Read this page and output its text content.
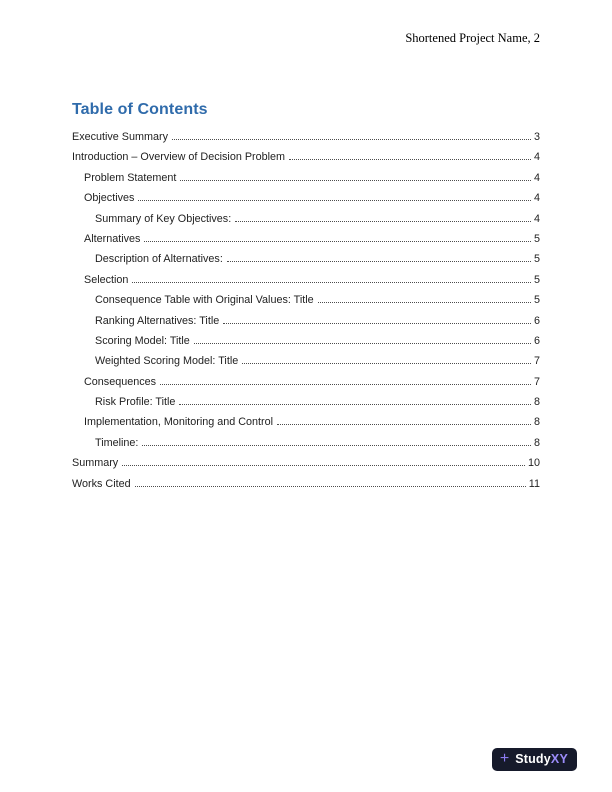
Shortened Project Name, 2
Table of Contents
Executive Summary	3
Introduction – Overview of Decision Problem	4
Problem Statement	4
Objectives	4
Summary of Key Objectives:	4
Alternatives	5
Description of Alternatives:	5
Selection	5
Consequence Table with Original Values: Title	5
Ranking Alternatives: Title	6
Scoring Model: Title	6
Weighted Scoring Model: Title	7
Consequences	7
Risk Profile: Title	8
Implementation, Monitoring and Control	8
Timeline:	8
Summary	10
Works Cited	11
+ StudyXY
